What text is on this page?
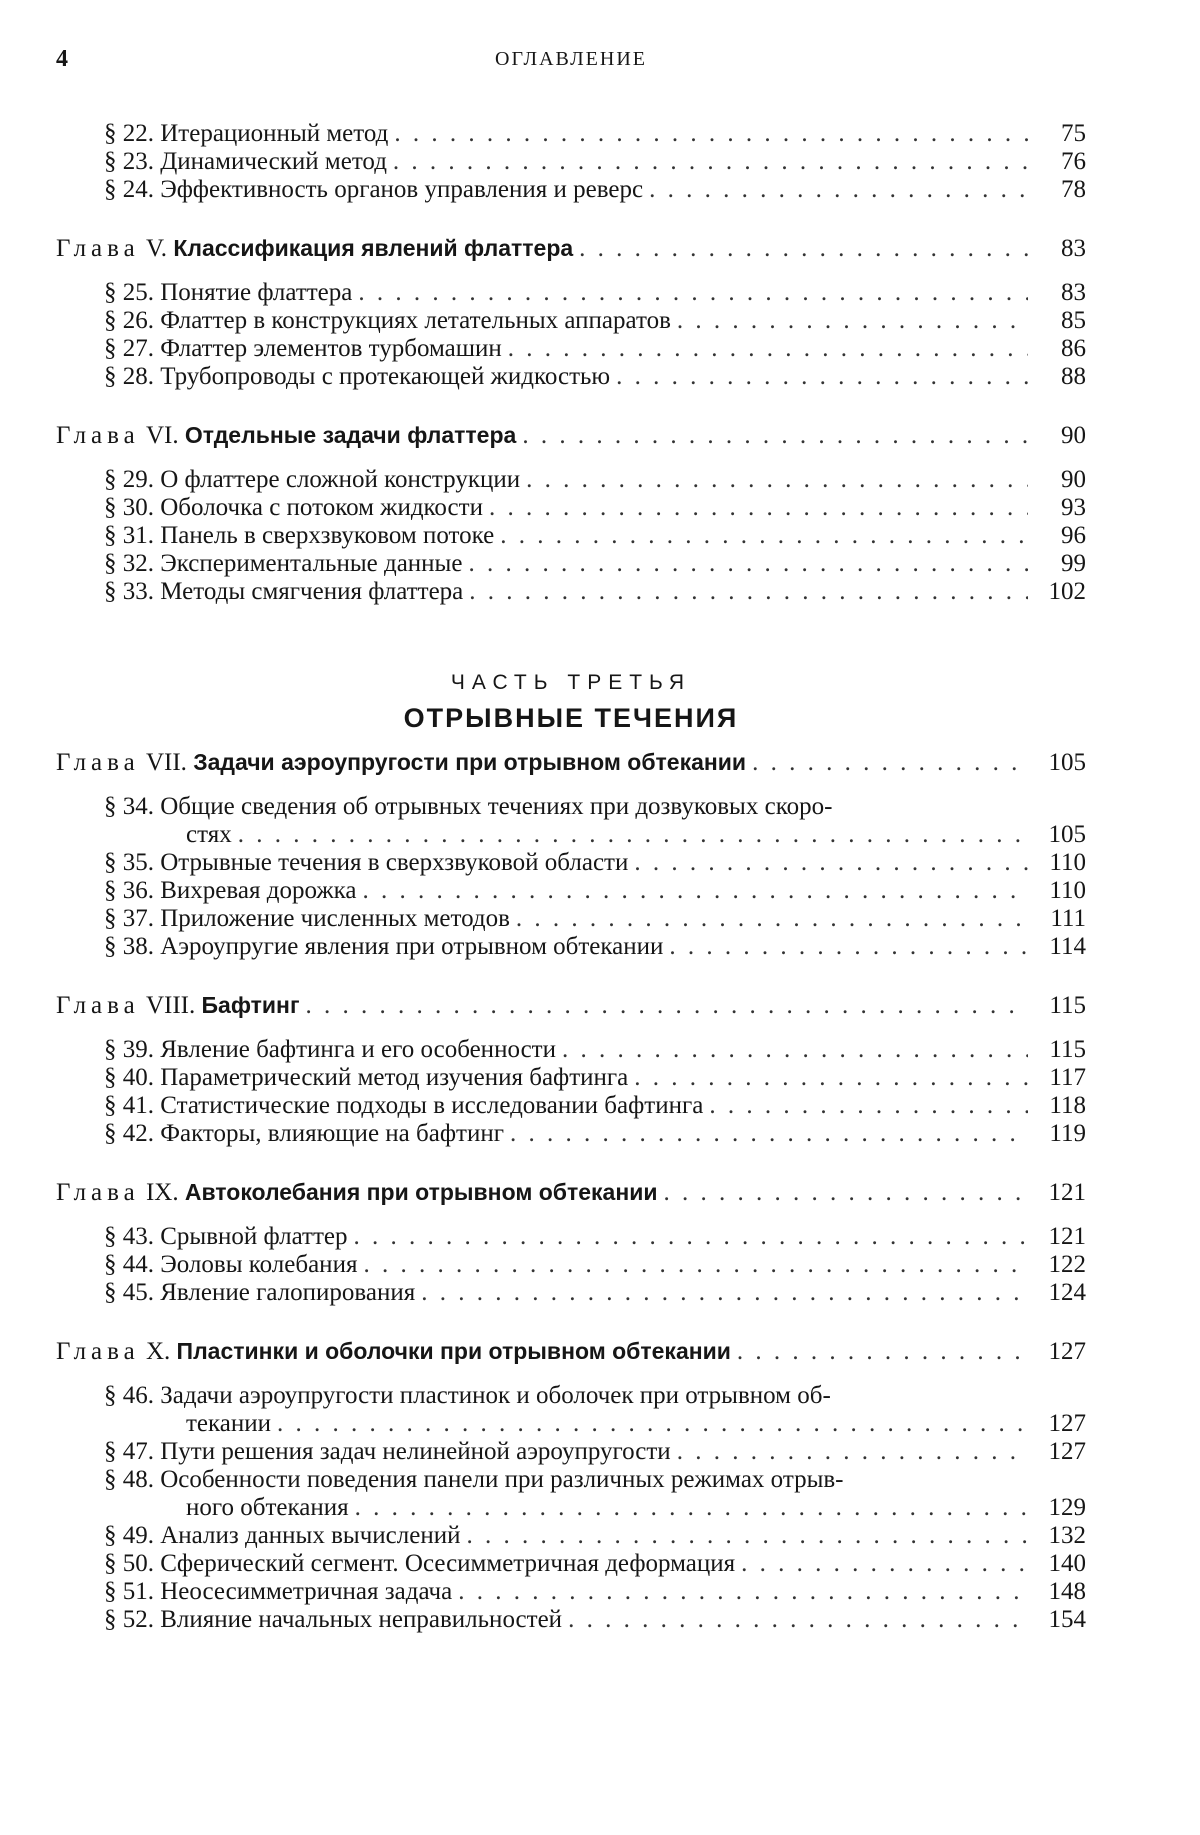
4	ОГЛАВЛЕНИЕ
§ 22. Итерационный метод . . .	75
§ 23. Динамический метод . . .	76
§ 24. Эффективность органов управления и реверс . . .	78
Глава V. Классификация явлений флаттера . . .	83
§ 25. Понятие флаттера . . .	83
§ 26. Флаттер в конструкциях летательных аппаратов . . .	85
§ 27. Флаттер элементов турбомашин . . .	86
§ 28. Трубопроводы с протекающей жидкостью . . .	88
Глава VI. Отдельные задачи флаттера . . .	90
§ 29. О флаттере сложной конструкции . . .	90
§ 30. Оболочка с потоком жидкости . . .	93
§ 31. Панель в сверхзвуковом потоке . . .	96
§ 32. Экспериментальные данные . . .	99
§ 33. Методы смягчения флаттера . . .	102
ЧАСТЬ ТРЕТЬЯ
ОТРЫВНЫЕ ТЕЧЕНИЯ
Глава VII. Задачи аэроупругости при отрывном обтекании . . .	105
§ 34. Общие сведения об отрывных течениях при дозвуковых скоро-
стях . . .	105
§ 35. Отрывные течения в сверхзвуковой области . . .	110
§ 36. Вихревая дорожка . . .	110
§ 37. Приложение численных методов . . .	111
§ 38. Аэроупругие явления при отрывном обтекании . . .	114
Глава VIII. Бафтинг . . .	115
§ 39. Явление бафтинга и его особенности . . .	115
§ 40. Параметрический метод изучения бафтинга . . .	117
§ 41. Статистические подходы в исследовании бафтинга . . .	118
§ 42. Факторы, влияющие на бафтинг . . .	119
Глава IX. Автоколебания при отрывном обтекании . . .	121
§ 43. Срывной флаттер . . .	121
§ 44. Эоловы колебания . . .	122
§ 45. Явление галопирования . . .	124
Глава X. Пластинки и оболочки при отрывном обтекании . . .	127
§ 46. Задачи аэроупругости пластинок и оболочек при отрывном об-
текании . . .	127
§ 47. Пути решения задач нелинейной аэроупругости . . .	127
§ 48. Особенности поведения панели при различных режимах отрыв-
ного обтекания . . .	129
§ 49. Анализ данных вычислений . . .	132
§ 50. Сферический сегмент. Осесимметричная деформация . . .	140
§ 51. Неосесимметричная задача . . .	148
§ 52. Влияние начальных неправильностей . . .	154
